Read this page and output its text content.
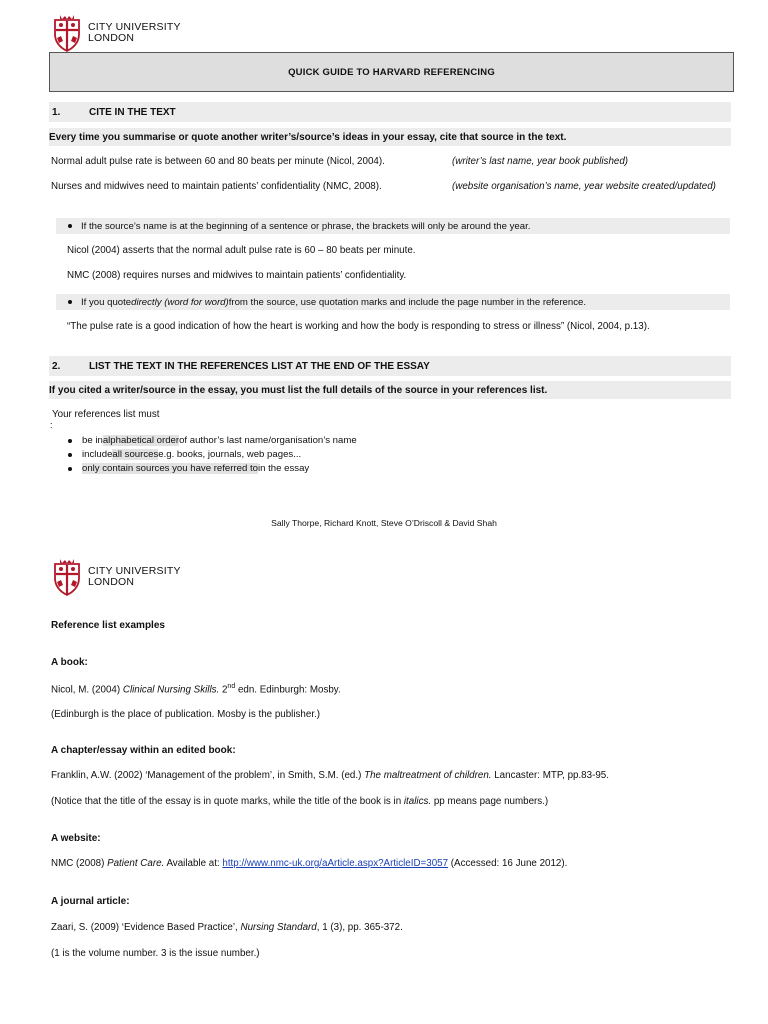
CITY UNIVERSITY
LONDON
QUICK GUIDE TO HARVARD REFERENCING
1.	CITE IN THE TEXT
Every time you summarise or quote another writer’s/source’s ideas in your essay, cite that source in the text.
Normal adult pulse rate is between 60 and 80 beats per minute (Nicol, 2004).	(writer’s last name, year book published)
Nurses and midwives need to maintain patients’ confidentiality (NMC, 2008).	(website organisation’s name, year website created/updated)
If the source’s name is at the beginning of a sentence or phrase, the brackets will only be around the year.
Nicol (2004) asserts that the normal adult pulse rate is 60 – 80 beats per minute.
NMC (2008) requires nurses and midwives to maintain patients’ confidentiality.
If you quote directly (word for word) from the source, use quotation marks and include the page number in the reference.
“The pulse rate is a good indication of how the heart is working and how the body is responding to stress or illness” (Nicol, 2004, p.13).
2.	LIST THE TEXT IN THE REFERENCES LIST AT THE END OF THE ESSAY
If you cited a writer/source in the essay, you must list the full details of the source in your references list.
Your references list must
:
be in alphabetical order of author’s last name/organisation’s name
include all sources e.g. books, journals, web pages...
only contain sources you have referred to in the essay
Sally Thorpe, Richard Knott, Steve O’Driscoll & David Shah
CITY UNIVERSITY
LONDON
Reference list examples
A book:
Nicol, M. (2004) Clinical Nursing Skills. 2nd edn. Edinburgh: Mosby.
(Edinburgh is the place of publication. Mosby is the publisher.)
A chapter/essay within an edited book:
Franklin, A.W. (2002) ‘Management of the problem’, in Smith, S.M. (ed.) The maltreatment of children. Lancaster: MTP, pp.83-95.
(Notice that the title of the essay is in quote marks, while the title of the book is in italics. pp means page numbers.)
A website:
NMC (2008) Patient Care. Available at: http://www.nmc-uk.org/aArticle.aspx?ArticleID=3057 (Accessed: 16 June 2012).
A journal article:
Zaari, S. (2009) ‘Evidence Based Practice’, Nursing Standard, 1 (3), pp. 365-372.
(1 is the volume number. 3 is the issue number.)
